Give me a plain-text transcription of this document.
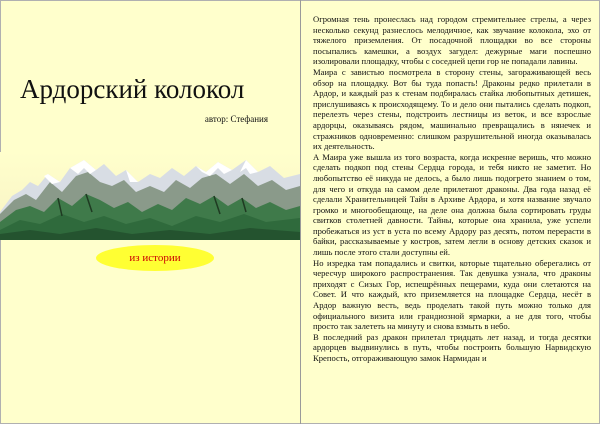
Ардорский колокол
автор: Стефания
из истории

Огромная тень пронеслась над городом стремительнее стрелы, а через несколько секунд разнеслось мелодичное, как звучание колокола, эхо от тяжелого приземления. От посадочной площадки во все стороны посыпались камешки, а воздух загудел: дежурные маги поспешно изолировали площадку, чтобы с соседней цепи гор не попадали лавины.

Маира с завистью посмотрела в сторону стены, загораживающей весь обзор на площадку. Вот бы туда попасть! Драконы редко прилетали в Ардор, и каждый раз к стенам подбиралась стайка любопытных детишек, прислушиваясь к происходящему. То и дело они пытались сделать подкоп, перелезть через стены, подстроить лестницы из веток, и все взрослые ардорцы, оказываясь рядом, машинально превращались в нянечек и стражников одновременно: слишком разрушительной иногда оказывалась их деятельность.

А Маира уже вышла из того возраста, когда искренне веришь, что можно сделать подкоп под стены Сердца города, и тебя никто не заметит. Но любопытство её никуда не делось, а было лишь подогрето знанием о том, для чего и откуда на самом деле прилетают драконы. Два года назад её сделали Хранительницей Тайн в Архиве Ардора, и хотя название звучало громко и многообещающе, на деле она должна была сортировать груды свитков столетней давности. Тайны, которые она хранила, уже успели пробежаться из уст в уста по всему Ардору раз десять, потом перерасти в байки, рассказываемые у костров, затем легли в основу детских сказок и лишь после этого стали доступны ей.

Но изредка там попадались и свитки, которые тщательно оберегались от чересчур широкого распространения. Так девушка узнала, что драконы приходят с Сизых Гор, испещрённых пещерами, куда они слетаются на Совет. И что каждый, кто приземляется на площадке Сердца, несёт в Ардор важную весть, ведь проделать такой путь можно только для официального визита или грандиозной ярмарки, а не для того, чтобы просто так залететь на минуту и снова взмыть в небо.

В последний раз дракон прилетал тридцать лет назад, и тогда десятки ардорцев выдвинулись в путь, чтобы построить большую Нарвидскую Крепость, отгораживающую замок Нармидан и
